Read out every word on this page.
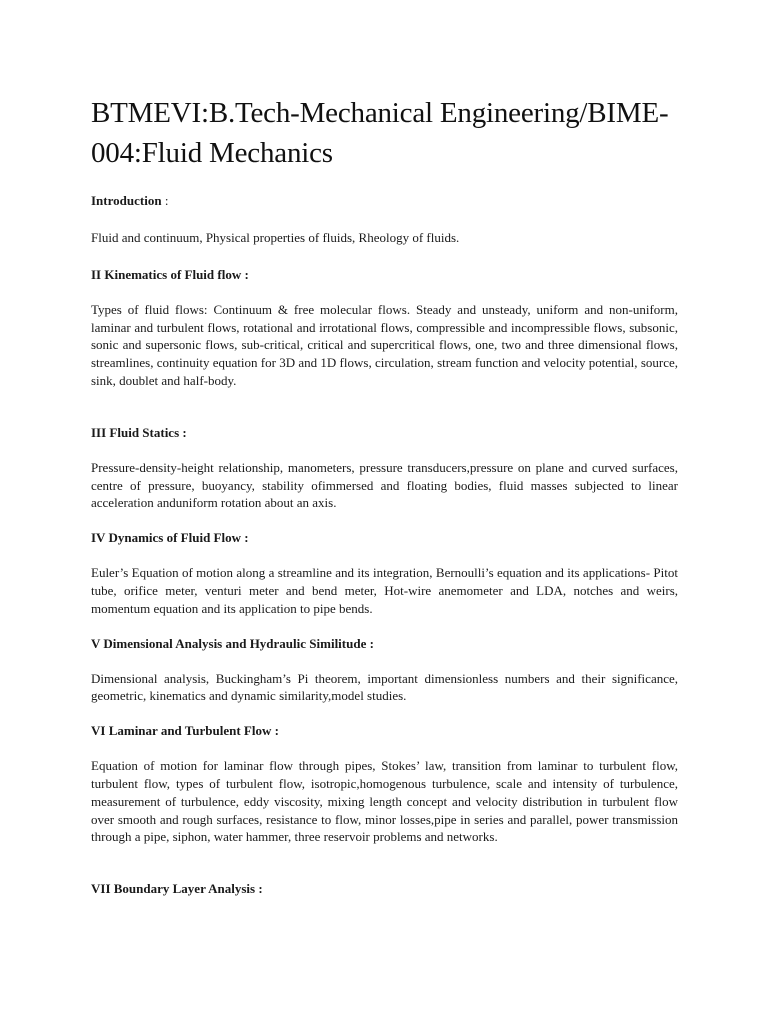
BTMEVI:B.Tech-Mechanical Engineering/BIME-004:Fluid Mechanics

Introduction :

Fluid and continuum, Physical properties of fluids, Rheology of fluids.

II Kinematics of Fluid flow :

Types of fluid flows: Continuum & free molecular flows. Steady and unsteady, uniform and non-uniform, laminar and turbulent flows, rotational and irrotational flows, compressible and incompressible flows, subsonic, sonic and supersonic flows, sub-critical, critical and supercritical flows, one, two and three dimensional flows, streamlines, continuity equation for 3D and 1D flows, circulation, stream function and velocity potential, source, sink, doublet and half-body.

III Fluid Statics :

Pressure-density-height relationship, manometers, pressure transducers,pressure on plane and curved surfaces, centre of pressure, buoyancy, stability ofimmersed and floating bodies, fluid masses subjected to linear acceleration anduniform rotation about an axis.

IV Dynamics of Fluid Flow :

Euler’s Equation of motion along a streamline and its integration, Bernoulli’s equation and its applications- Pitot tube, orifice meter, venturi meter and bend meter, Hot-wire anemometer and LDA, notches and weirs, momentum equation and its application to pipe bends.

V Dimensional Analysis and Hydraulic Similitude :

Dimensional analysis, Buckingham’s Pi theorem, important dimensionless numbers and their significance, geometric, kinematics and dynamic similarity,model studies.

VI Laminar and Turbulent Flow :

Equation of motion for laminar flow through pipes, Stokes’ law, transition from laminar to turbulent flow, turbulent flow, types of turbulent flow, isotropic,homogenous turbulence, scale and intensity of turbulence, measurement of turbulence, eddy viscosity, mixing length concept and velocity distribution in turbulent flow over smooth and rough surfaces, resistance to flow, minor losses,pipe in series and parallel, power transmission through a pipe, siphon, water hammer, three reservoir problems and networks.

VII Boundary Layer Analysis :
